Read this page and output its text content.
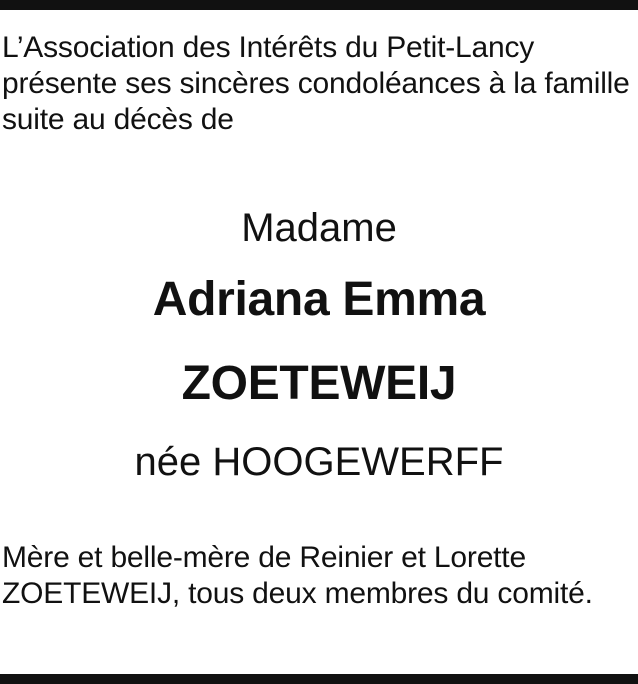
L’Association des Intérêts du Petit-Lancy présente ses sincères condoléances à la famille suite au décès de

Madame
Adriana Emma
ZOETEWEIJ
née HOOGEWERFF

Mère et belle-mère de Reinier et Lorette ZOETEWEIJ, tous deux membres du comité.
